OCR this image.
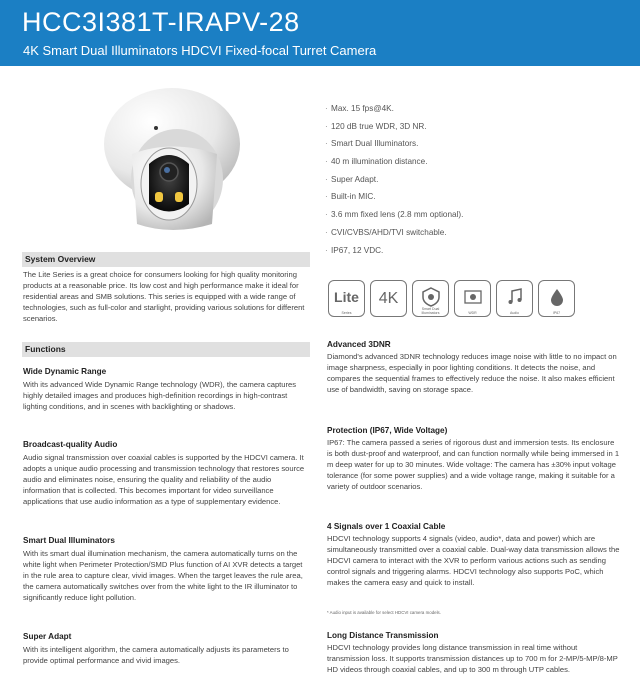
HCC3I381T-IRAPV-28
4K Smart Dual Illuminators HDCVI Fixed-focal Turret Camera
· Max. 15 fps@4K.
· 120 dB true WDR, 3D NR.
· Smart Dual Illuminators.
· 40 m illumination distance.
· Super Adapt.
· Built-in MIC.
· 3.6 mm fixed lens (2.8 mm optional).
· CVI/CVBS/AHD/TVI switchable.
· IP67, 12 VDC.
Lite
Series
4K
Smart Dual Illuminators	WDR	Audio	IP67
System Overview
The Lite Series is a great choice for consumers looking for high quality monitoring products at a reasonable price. Its low cost and high performance make it ideal for residential areas and SMB solutions. This series is equipped with a wide range of technologies, such as full-color and starlight, providing various solutions for different scenarios.
Functions
Wide Dynamic Range
With its advanced Wide Dynamic Range technology (WDR), the camera captures highly detailed images and produces high-definition recordings in high-contrast lighting conditions, and in scenes with backlighting or shadows.
Broadcast-quality Audio
Audio signal transmission over coaxial cables is supported by the HDCVI camera. It adopts a unique audio processing and transmission technology that restores source audio and eliminates noise, ensuring the quality and reliability of the audio information that is collected. This becomes important for video surveillance applications that use audio information as a type of supplementary evidence.
Smart Dual Illuminators
With its smart dual illumination mechanism, the camera automatically turns on the white light when Perimeter Protection/SMD Plus function of AI XVR detects a target in the rule area to capture clear, vivid images. When the target leaves the rule area, the camera automatically switches over from the white light to the IR illuminator to significantly reduce light pollution.
Super Adapt
With its intelligent algorithm, the camera automatically adjusts its parameters to provide optimal performance and vivid images.
Advanced 3DNR
Diamond's advanced 3DNR technology reduces image noise with little to no impact on image sharpness, especially in poor lighting conditions. It detects the noise, and compares the sequential frames to effectively reduce the noise. It also makes efficient use of bandwidth, saving on storage space.
Protection (IP67, Wide Voltage)
IP67: The camera passed a series of rigorous dust and immersion tests. Its enclosure is both dust-proof and waterproof, and can function normally while being immersed in 1 m deep water for up to 30 minutes. Wide voltage: The camera has ±30% input voltage tolerance (for some power supplies) and a wide voltage range, making it suitable for a variety of outdoor scenarios.
4 Signals over 1 Coaxial Cable
HDCVI technology supports 4 signals (video, audio*, data and power) which are simultaneously transmitted over a coaxial cable. Dual-way data transmission allows the HDCVI camera to interact with the XVR to perform various actions such as sending control signals and triggering alarms. HDCVI technology also supports PoC, which makes the camera easy and quick to install.
* Audio input is available for select HDCVI camera models.
Long Distance Transmission
HDCVI technology provides long distance transmission in real time without transmission loss. It supports transmission distances up to 700 m for 2-MP/5-MP/8-MP HD videos through coaxial cables, and up to 300 m through UTP cables.
